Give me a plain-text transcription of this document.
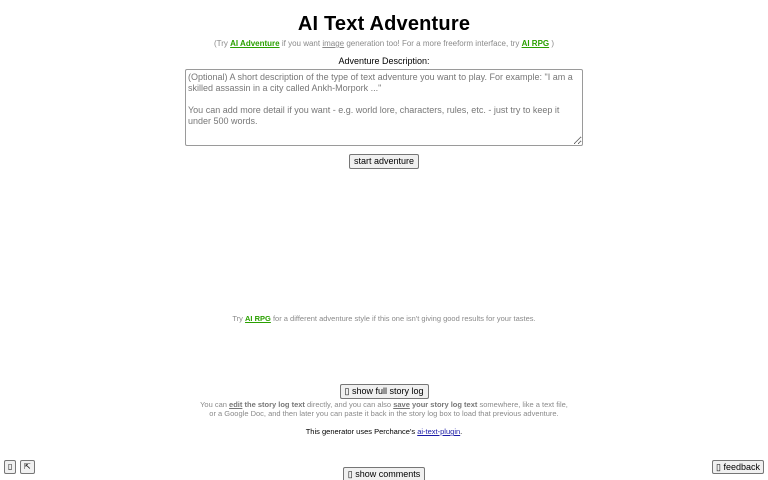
AI Text Adventure
(Try AI Adventure if you want image generation too! For a more freeform interface, try AI RPG )
Adventure Description:
(Optional) A short description of the type of text adventure you want to play. For example: "I am a skilled assassin in a city called Ankh-Morpork ..." You can add more detail if you want - e.g. world lore, characters, rules, etc. - just try to keep it under 500 words.
start adventure
Try AI RPG for a different adventure style if this one isn't giving good results for your tastes.
▯ show full story log
You can edit the story log text directly, and you can also save your story log text somewhere, like a text file,
or a Google Doc, and then later you can paste it back in the story log box to load that previous adventure.
This generator uses Perchance's ai-text-plugin.
▯	⇱
▯ show comments
▯ feedback
